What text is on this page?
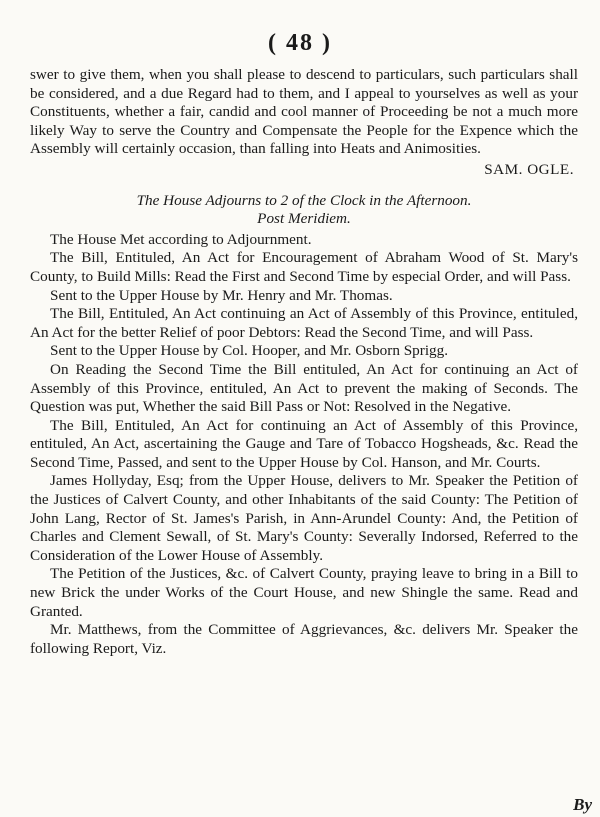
( 48 )

swer to give them, when you shall please to descend to particulars, such particulars shall be considered, and a due Regard had to them, and I appeal to yourselves as well as your Constituents, whether a fair, candid and cool manner of Proceeding be not a much more likely Way to serve the Country and Compensate the People for the Expence which the Assembly will certainly occasion, than falling into Heats and Animosities.

SAM. OGLE.

The House Adjourns to 2 of the Clock in the Afternoon.

Post Meridiem.

The House Met according to Adjournment.

The Bill, Entituled, An Act for Encouragement of Abraham Wood of St. Mary's County, to Build Mills: Read the First and Second Time by especial Order, and will Pass.

Sent to the Upper House by Mr. Henry and Mr. Thomas.

The Bill, Entituled, An Act continuing an Act of Assembly of this Province, entituled, An Act for the better Relief of poor Debtors: Read the Second Time, and will Pass.

Sent to the Upper House by Col. Hooper, and Mr. Osborn Sprigg.

On Reading the Second Time the Bill entituled, An Act for continuing an Act of Assembly of this Province, entituled, An Act to prevent the making of Seconds. The Question was put, Whether the said Bill Pass or Not: Resolved in the Negative.

The Bill, Entituled, An Act for continuing an Act of Assembly of this Province, entituled, An Act, ascertaining the Gauge and Tare of Tobacco Hogsheads, &c. Read the Second Time, Passed, and sent to the Upper House by Col. Hanson, and Mr. Courts.

James Hollyday, Esq; from the Upper House, delivers to Mr. Speaker the Petition of the Justices of Calvert County, and other Inhabitants of the said County: The Petition of John Lang, Rector of St. James's Parish, in Ann-Arundel County: And, the Petition of Charles and Clement Sewall, of St. Mary's County: Severally Indorsed, Referred to the Consideration of the Lower House of Assembly.

The Petition of the Justices, &c. of Calvert County, praying leave to bring in a Bill to new Brick the under Works of the Court House, and new Shingle the same. Read and Granted.

Mr. Matthews, from the Committee of Aggrievances, &c. delivers Mr. Speaker the following Report, Viz.

By
